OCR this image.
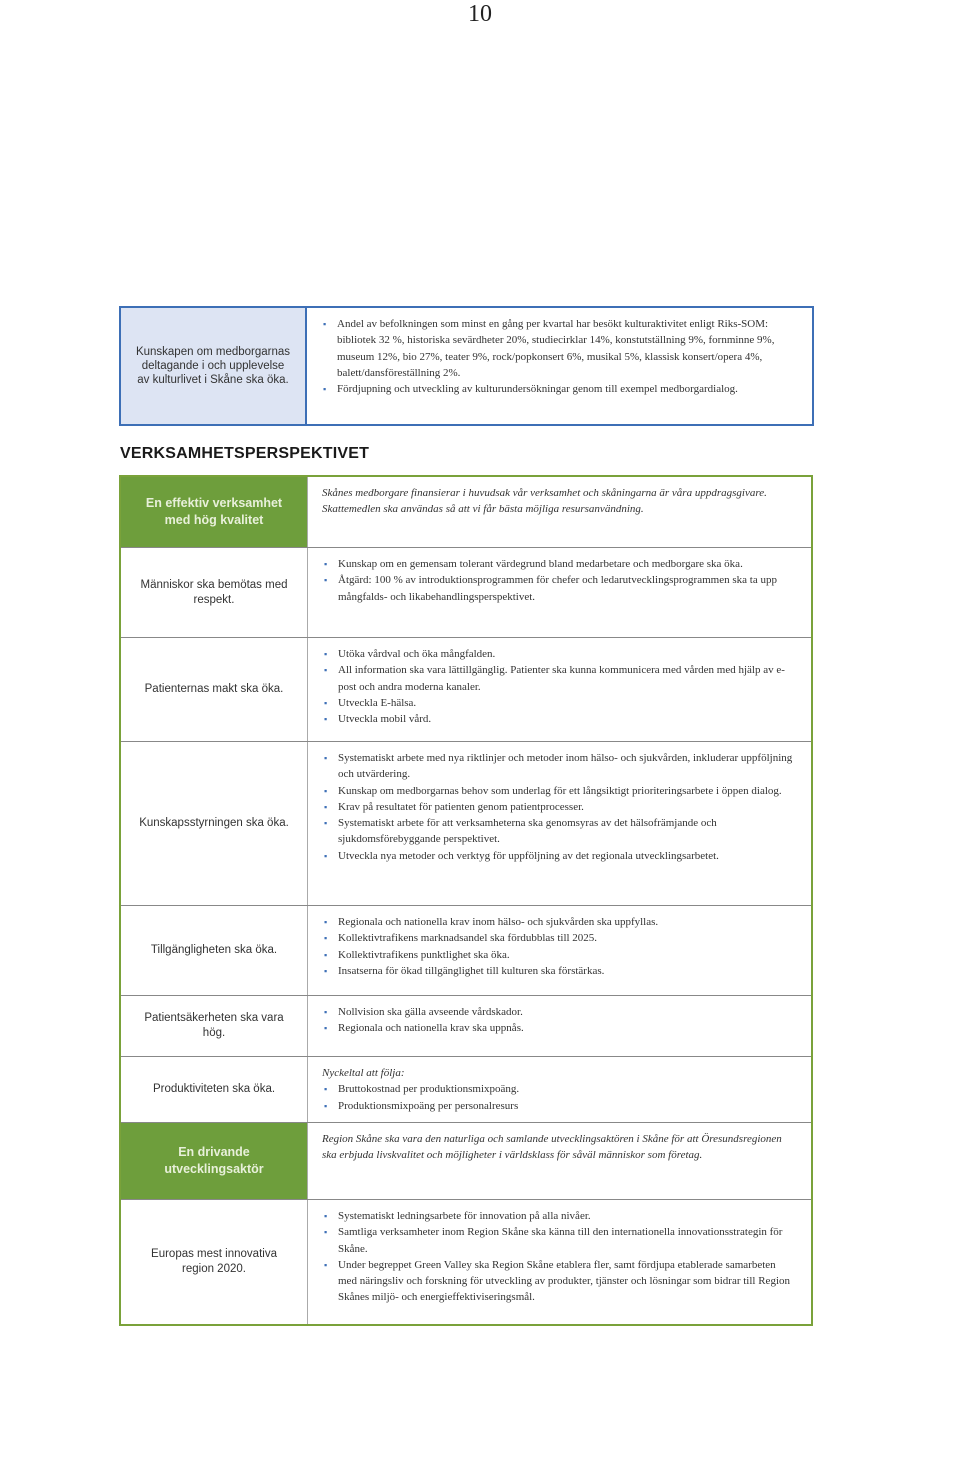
10
Kunskapen om medborgarnas deltagande i och upplevelse av kulturlivet i Skåne ska öka.
▪ Andel av befolkningen som minst en gång per kvartal har besökt kulturaktivitet enligt Riks-SOM: bibliotek 32 %, historiska sevärdheter 20%, studiecirklar 14%, konstutställning 9%, fornminne 9%, museum 12%, bio 27%, teater 9%, rock/popkonsert 6%, musikal 5%, klassisk konsert/opera 4%, balett/dansföreställning 2%.
▪ Fördjupning och utveckling av kulturundersökningar genom till exempel medborgardialog.
VERKSAMHETSPERSPEKTIVET
En effektiv verksamhet med hög kvalitet
Skånes medborgare finansierar i huvudsak vår verksamhet och skåningarna är våra uppdragsgivare. Skattemedlen ska användas så att vi får bästa möjliga resursanvändning.
Människor ska bemötas med respekt.
▪ Kunskap om en gemensam tolerant värdegrund bland medarbetare och medborgare ska öka.
▪ Åtgärd: 100 % av introduktionsprogrammen för chefer och ledarutvecklingsprogrammen ska ta upp mångfalds- och likabehandlingsperspektivet.
Patienternas makt ska öka.
▪ Utöka vårdval och öka mångfalden.
▪ All information ska vara lättillgänglig. Patienter ska kunna kommunicera med vården med hjälp av e-post och andra moderna kanaler.
▪ Utveckla E-hälsa.
▪ Utveckla mobil vård.
Kunskapsstyrningen ska öka.
▪ Systematiskt arbete med nya riktlinjer och metoder inom hälso- och sjukvården, inkluderar uppföljning och utvärdering.
▪ Kunskap om medborgarnas behov som underlag för ett långsiktigt prioriteringsarbete i öppen dialog.
▪ Krav på resultatet för patienten genom patientprocesser.
▪ Systematiskt arbete för att verksamheterna ska genomsyras av det hälsofrämjande och sjukdomsförebyggande perspektivet.
▪ Utveckla nya metoder och verktyg för uppföljning av det regionala utvecklingsarbetet.
Tillgängligheten ska öka.
▪ Regionala och nationella krav inom hälso- och sjukvården ska uppfyllas.
▪ Kollektivtrafikens marknadsandel ska fördubblas till 2025.
▪ Kollektivtrafikens punktlighet ska öka.
▪ Insatserna för ökad tillgänglighet till kulturen ska förstärkas.
Patientsäkerheten ska vara hög.
▪ Nollvision ska gälla avseende vårdskador.
▪ Regionala och nationella krav ska uppnås.
Produktiviteten ska öka.
Nyckeltal att följa:
▪ Bruttokostnad per produktionsmixpoäng.
▪ Produktionsmixpoäng per personalresurs
En drivande utvecklingsaktör
Region Skåne ska vara den naturliga och samlande utvecklingsaktören i Skåne för att Öresundsregionen ska erbjuda livskvalitet och möjligheter i världsklass för såväl människor som företag.
Europas mest innovativa region 2020.
▪ Systematiskt ledningsarbete för innovation på alla nivåer.
▪ Samtliga verksamheter inom Region Skåne ska känna till den internationella innovationsstrategin för Skåne.
▪ Under begreppet Green Valley ska Region Skåne etablera fler, samt fördjupa etablerade samarbeten med näringsliv och forskning för utveckling av produkter, tjänster och lösningar som bidrar till Region Skånes miljö- och energieffektiviseringsmål.
